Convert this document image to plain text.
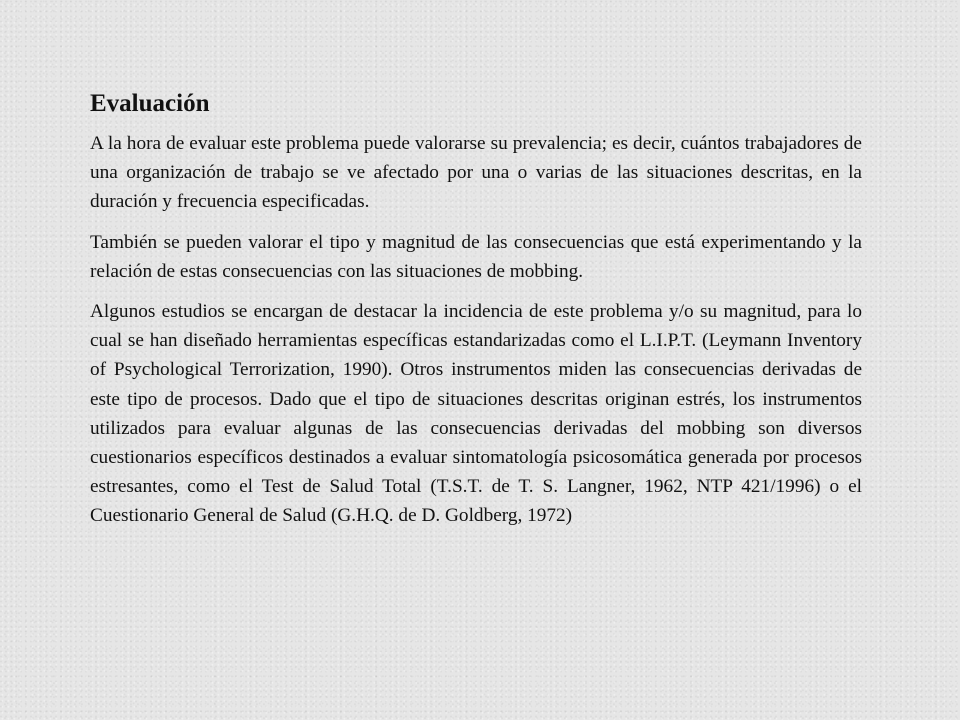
Evaluación

A la hora de evaluar este problema puede valorarse su prevalencia; es decir, cuántos trabajadores de una organización de trabajo se ve afectado por una o varias de las situaciones descritas, en la duración y frecuencia especificadas.

También se pueden valorar el tipo y magnitud de las consecuencias que está experimentando y la relación de estas consecuencias con las situaciones de mobbing.

Algunos estudios se encargan de destacar la incidencia de este problema y/o su magnitud, para lo cual se han diseñado herramientas específicas estandarizadas como el L.I.P.T. (Leymann Inventory of Psychological Terrorization, 1990). Otros instrumentos miden las consecuencias derivadas de este tipo de procesos. Dado que el tipo de situaciones descritas originan estrés, los instrumentos utilizados para evaluar algunas de las consecuencias derivadas del mobbing son diversos cuestionarios específicos destinados a evaluar sintomatología psicosomática generada por procesos estresantes, como el Test de Salud Total (T.S.T. de T. S. Langner, 1962, NTP 421/1996) o el Cuestionario General de Salud (G.H.Q. de D. Goldberg, 1972)
